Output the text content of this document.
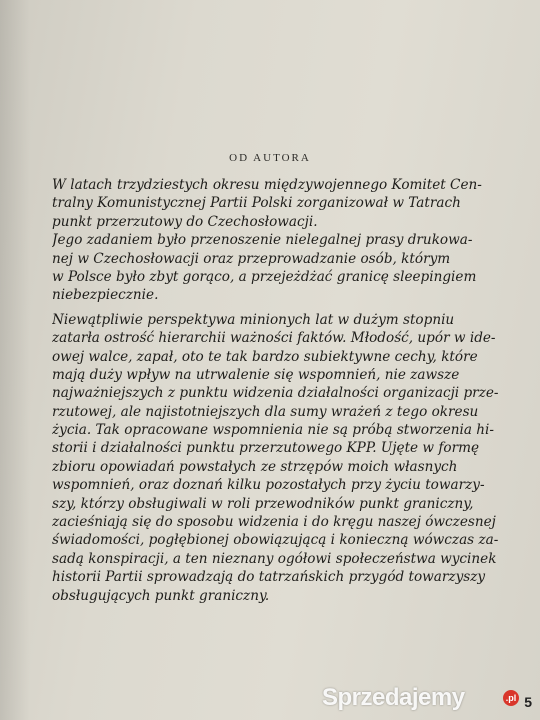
OD AUTORA
W latach trzydziestych okresu międzywojennego Komitet Cen-
tralny Komunistycznej Partii Polski zorganizował w Tatrach
punkt przerzutowy do Czechosłowacji.
Jego zadaniem było przenoszenie nielegalnej prasy drukowa-
nej w Czechosłowacji oraz przeprowadzanie osób, którym
w Polsce było zbyt gorąco, a przejeżdżać granicę sleepingiem
niebezpiecznie.
Niewątpliwie perspektywa minionych lat w dużym stopniu
zatarła ostrość hierarchii ważności faktów. Młodość, upór w ide-
owej walce, zapał, oto te tak bardzo subiektywne cechy, które
mają duży wpływ na utrwalenie się wspomnień, nie zawsze
najważniejszych z punktu widzenia działalności organizacji prze-
rzutowej, ale najistotniejszych dla sumy wrażeń z tego okresu
życia. Tak opracowane wspomnienia nie są próbą stworzenia hi-
storii i działalności punktu przerzutowego KPP. Ujęte w formę
zbioru opowiadań powstałych ze strzępów moich własnych
wspomnień, oraz doznań kilku pozostałych przy życiu towarzy-
szy, którzy obsługiwali w roli przewodników punkt graniczny,
zacieśniają się do sposobu widzenia i do kręgu naszej ówczesnej
świadomości, pogłębionej obowiązującą i konieczną wówczas za-
sadą konspiracji, a ten nieznany ogółowi społeczeństwa wycinek
historii Partii sprowadzają do tatrzańskich przygód towarzyszy
obsługujących punkt graniczny.
5
Sprzedajemy	.pl
